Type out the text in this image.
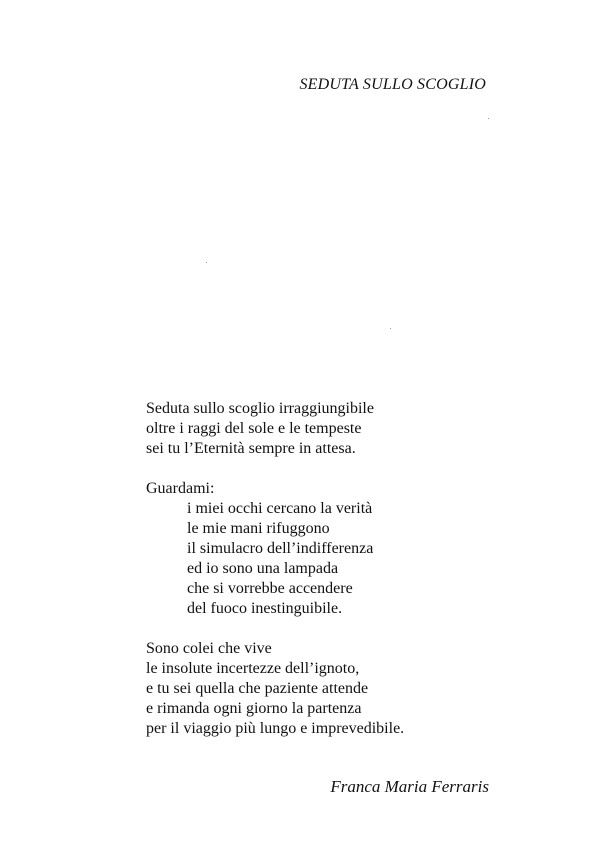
SEDUTA SULLO SCOGLIO
Seduta sullo scoglio irraggiungibile
oltre i raggi del sole e le tempeste
sei tu l’Eternità sempre in attesa.
Guardami:
i miei occhi cercano la verità
le mie mani rifuggono
il simulacro dell’indifferenza
ed io sono una lampada
che si vorrebbe accendere
del fuoco inestinguibile.
Sono colei che vive
le insolute incertezze dell’ignoto,
e tu sei quella che paziente attende
e rimanda ogni giorno la partenza
per il viaggio più lungo e imprevedibile.
Franca Maria Ferraris
